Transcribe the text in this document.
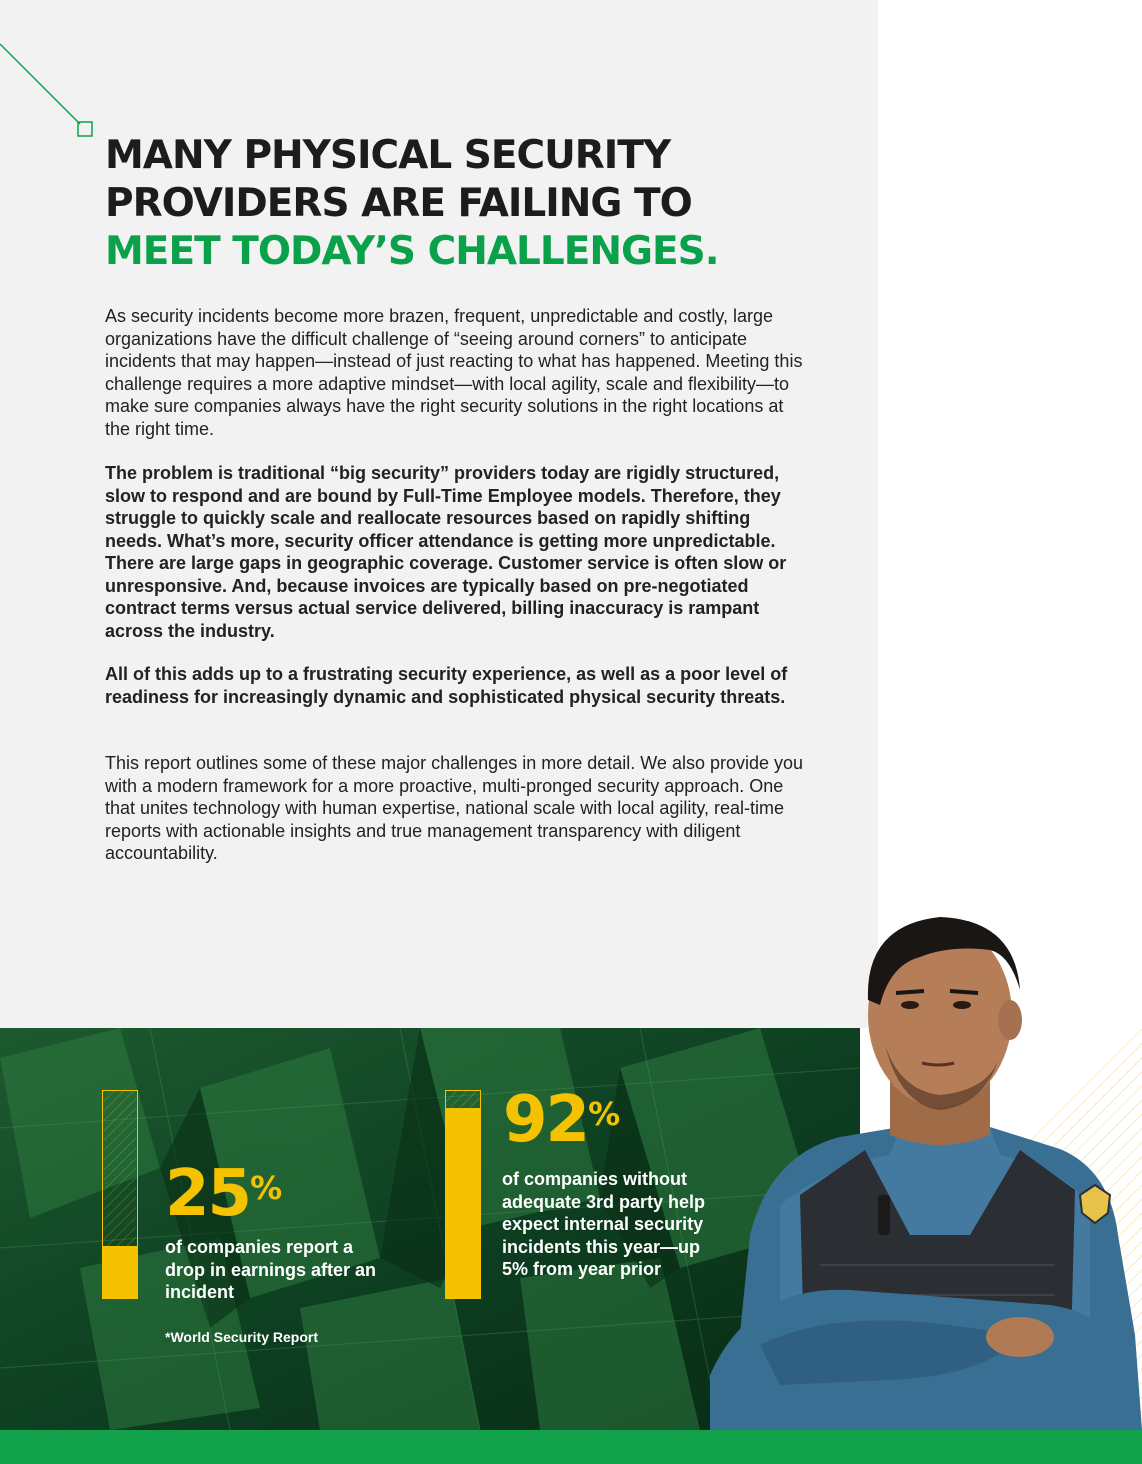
MANY PHYSICAL SECURITY
PROVIDERS ARE FAILING TO
MEET TODAY’S CHALLENGES.

As security incidents become more brazen, frequent, unpredictable and costly, large organizations have the difficult challenge of “seeing around corners” to anticipate incidents that may happen—instead of just reacting to what has happened. Meeting this challenge requires a more adaptive mindset—with local agility, scale and flexibility—to make sure companies always have the right security solutions in the right locations at the right time.

The problem is traditional “big security” providers today are rigidly structured, slow to respond and are bound by Full-Time Employee models. Therefore, they struggle to quickly scale and reallocate resources based on rapidly shifting needs. What’s more, security officer attendance is getting more unpredictable. There are large gaps in geographic coverage. Customer service is often slow or unresponsive. And, because invoices are typically based on pre-negotiated contract terms versus actual service delivered, billing inaccuracy is rampant across the industry.

All of this adds up to a frustrating security experience, as well as a poor level of readiness for increasingly dynamic and sophisticated physical security threats.

This report outlines some of these major challenges in more detail. We also provide you with a modern framework for a more proactive, multi-pronged security approach. One that unites technology with human expertise, national scale with local agility, real-time reports with actionable insights and true management transparency with diligent accountability.

25%
of companies report a drop in earnings after an incident
92%
of companies without adequate 3rd party help expect internal security incidents this year—up 5% from year prior
*World Security Report
